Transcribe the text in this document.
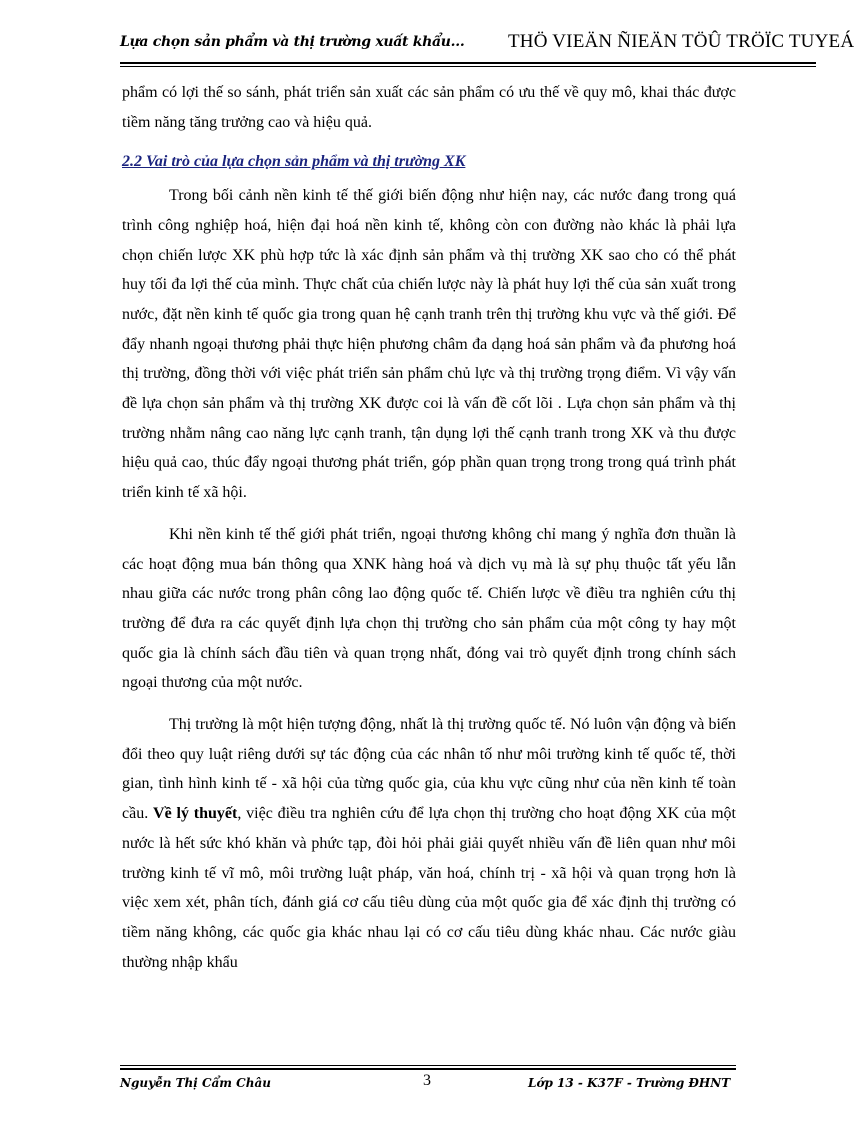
Lựa chọn sản phẩm và thị trường xuất khẩu... THÖ VIEÄN ÑIEÄN TÖÛ TRÖÏC TUYEÁ

phẩm có lợi thế so sánh, phát triển sản xuất các sản phẩm có ưu thế về quy mô, khai thác được tiềm năng tăng trưởng cao và hiệu quả.

2.2 Vai trò của lựa chọn sản phẩm và thị trường XK

Trong bối cảnh nền kinh tế thế giới biến động như hiện nay, các nước đang trong quá trình công nghiệp hoá, hiện đại hoá nền kinh tế, không còn con đường nào khác là phải lựa chọn chiến lược XK phù hợp tức là xác định sản phẩm và thị trường XK sao cho có thể phát huy tối đa lợi thế của mình. Thực chất của chiến lược này là phát huy lợi thế của sản xuất trong nước, đặt nền kinh tế quốc gia trong quan hệ cạnh tranh trên thị trường khu vực và thế giới. Để đẩy nhanh ngoại thương phải thực hiện phương châm đa dạng hoá sản phẩm và đa phương hoá thị trường, đồng thời với việc phát triển sản phẩm chủ lực và thị trường trọng điểm. Vì vậy vấn đề lựa chọn sản phẩm và thị trường XK được coi là vấn đề cốt lõi . Lựa chọn sản phẩm và thị trường nhằm nâng cao năng lực cạnh tranh, tận dụng lợi thế cạnh tranh trong XK và thu được hiệu quả cao, thúc đẩy ngoại thương phát triển, góp phần quan trọng trong trong quá trình phát triển kinh tế xã hội.

Khi nền kinh tế thế giới phát triển, ngoại thương không chỉ mang ý nghĩa đơn thuần là các hoạt động mua bán thông qua XNK hàng hoá và dịch vụ mà là sự phụ thuộc tất yếu lẫn nhau giữa các nước trong phân công lao động quốc tế. Chiến lược về điều tra nghiên cứu thị trường để đưa ra các quyết định lựa chọn thị trường cho sản phẩm của một công ty hay một quốc gia là chính sách đầu tiên và quan trọng nhất, đóng vai trò quyết định trong chính sách ngoại thương của một nước.

Thị trường là một hiện tượng động, nhất là thị trường quốc tế. Nó luôn vận động và biến đổi theo quy luật riêng dưới sự tác động của các nhân tố như môi trường kinh tế quốc tế, thời gian, tình hình kinh tế - xã hội của từng quốc gia, của khu vực cũng như của nền kinh tế toàn cầu. Về lý thuyết, việc điều tra nghiên cứu để lựa chọn thị trường cho hoạt động XK của một nước là hết sức khó khăn và phức tạp, đòi hỏi phải giải quyết nhiều vấn đề liên quan như môi trường kinh tế vĩ mô, môi trường luật pháp, văn hoá, chính trị - xã hội và quan trọng hơn là việc xem xét, phân tích, đánh giá cơ cấu tiêu dùng của một quốc gia để xác định thị trường có tiềm năng không, các quốc gia khác nhau lại có cơ cấu tiêu dùng khác nhau. Các nước giàu thường nhập khẩu

Nguyễn Thị Cẩm Châu	3	Lớp 13 - K37F - Trường ĐHNT
